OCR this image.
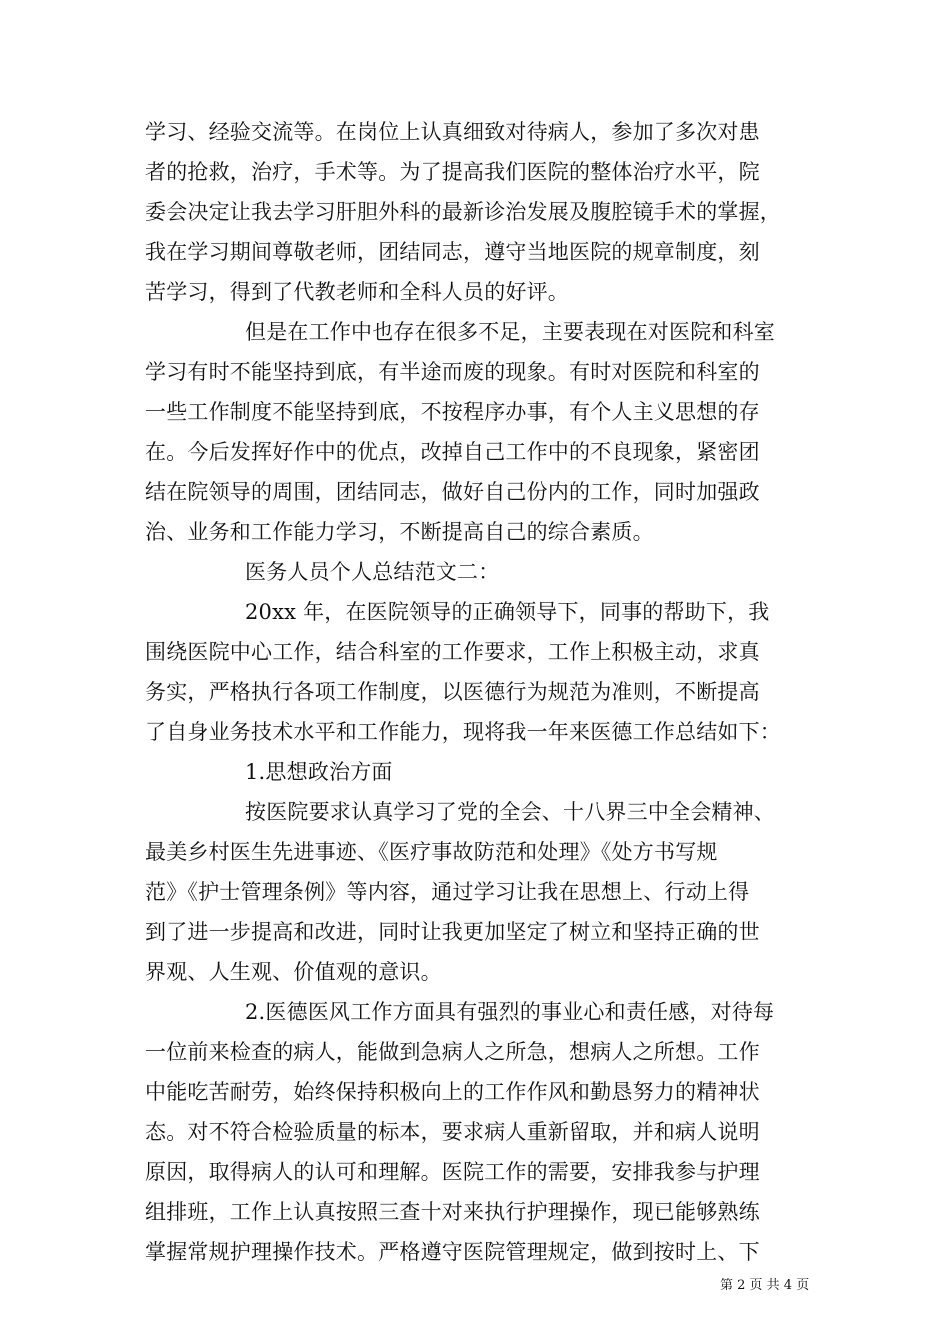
学习、经验交流等。在岗位上认真细致对待病人，参加了多次对患
者的抢救，治疗，手术等。为了提高我们医院的整体治疗水平，院
委会决定让我去学习肝胆外科的最新诊治发展及腹腔镜手术的掌握，
我在学习期间尊敬老师，团结同志，遵守当地医院的规章制度，刻
苦学习，得到了代教老师和全科人员的好评。
但是在工作中也存在很多不足，主要表现在对医院和科室
学习有时不能坚持到底，有半途而废的现象。有时对医院和科室的
一些工作制度不能坚持到底，不按程序办事，有个人主义思想的存
在。今后发挥好作中的优点，改掉自己工作中的不良现象，紧密团
结在院领导的周围，团结同志，做好自己份内的工作，同时加强政
治、业务和工作能力学习，不断提高自己的综合素质。
医务人员个人总结范文二：
20xx 年，在医院领导的正确领导下，同事的帮助下，我
围绕医院中心工作，结合科室的工作要求，工作上积极主动，求真
务实，严格执行各项工作制度，以医德行为规范为准则，不断提高
了自身业务技术水平和工作能力，现将我一年来医德工作总结如下：
1.思想政治方面
按医院要求认真学习了党的全会、十八界三中全会精神、
最美乡村医生先进事迹、《医疗事故防范和处理》《处方书写规
范》《护士管理条例》等内容，通过学习让我在思想上、行动上得
到了进一步提高和改进，同时让我更加坚定了树立和坚持正确的世
界观、人生观、价值观的意识。
2.医德医风工作方面具有强烈的事业心和责任感，对待每
一位前来检查的病人，能做到急病人之所急，想病人之所想。工作
中能吃苦耐劳，始终保持积极向上的工作作风和勤恳努力的精神状
态。对不符合检验质量的标本，要求病人重新留取，并和病人说明
原因，取得病人的认可和理解。医院工作的需要，安排我参与护理
组排班，工作上认真按照三查十对来执行护理操作，现已能够熟练
掌握常规护理操作技术。严格遵守医院管理规定，做到按时上、下
第 2 页 共 4 页
